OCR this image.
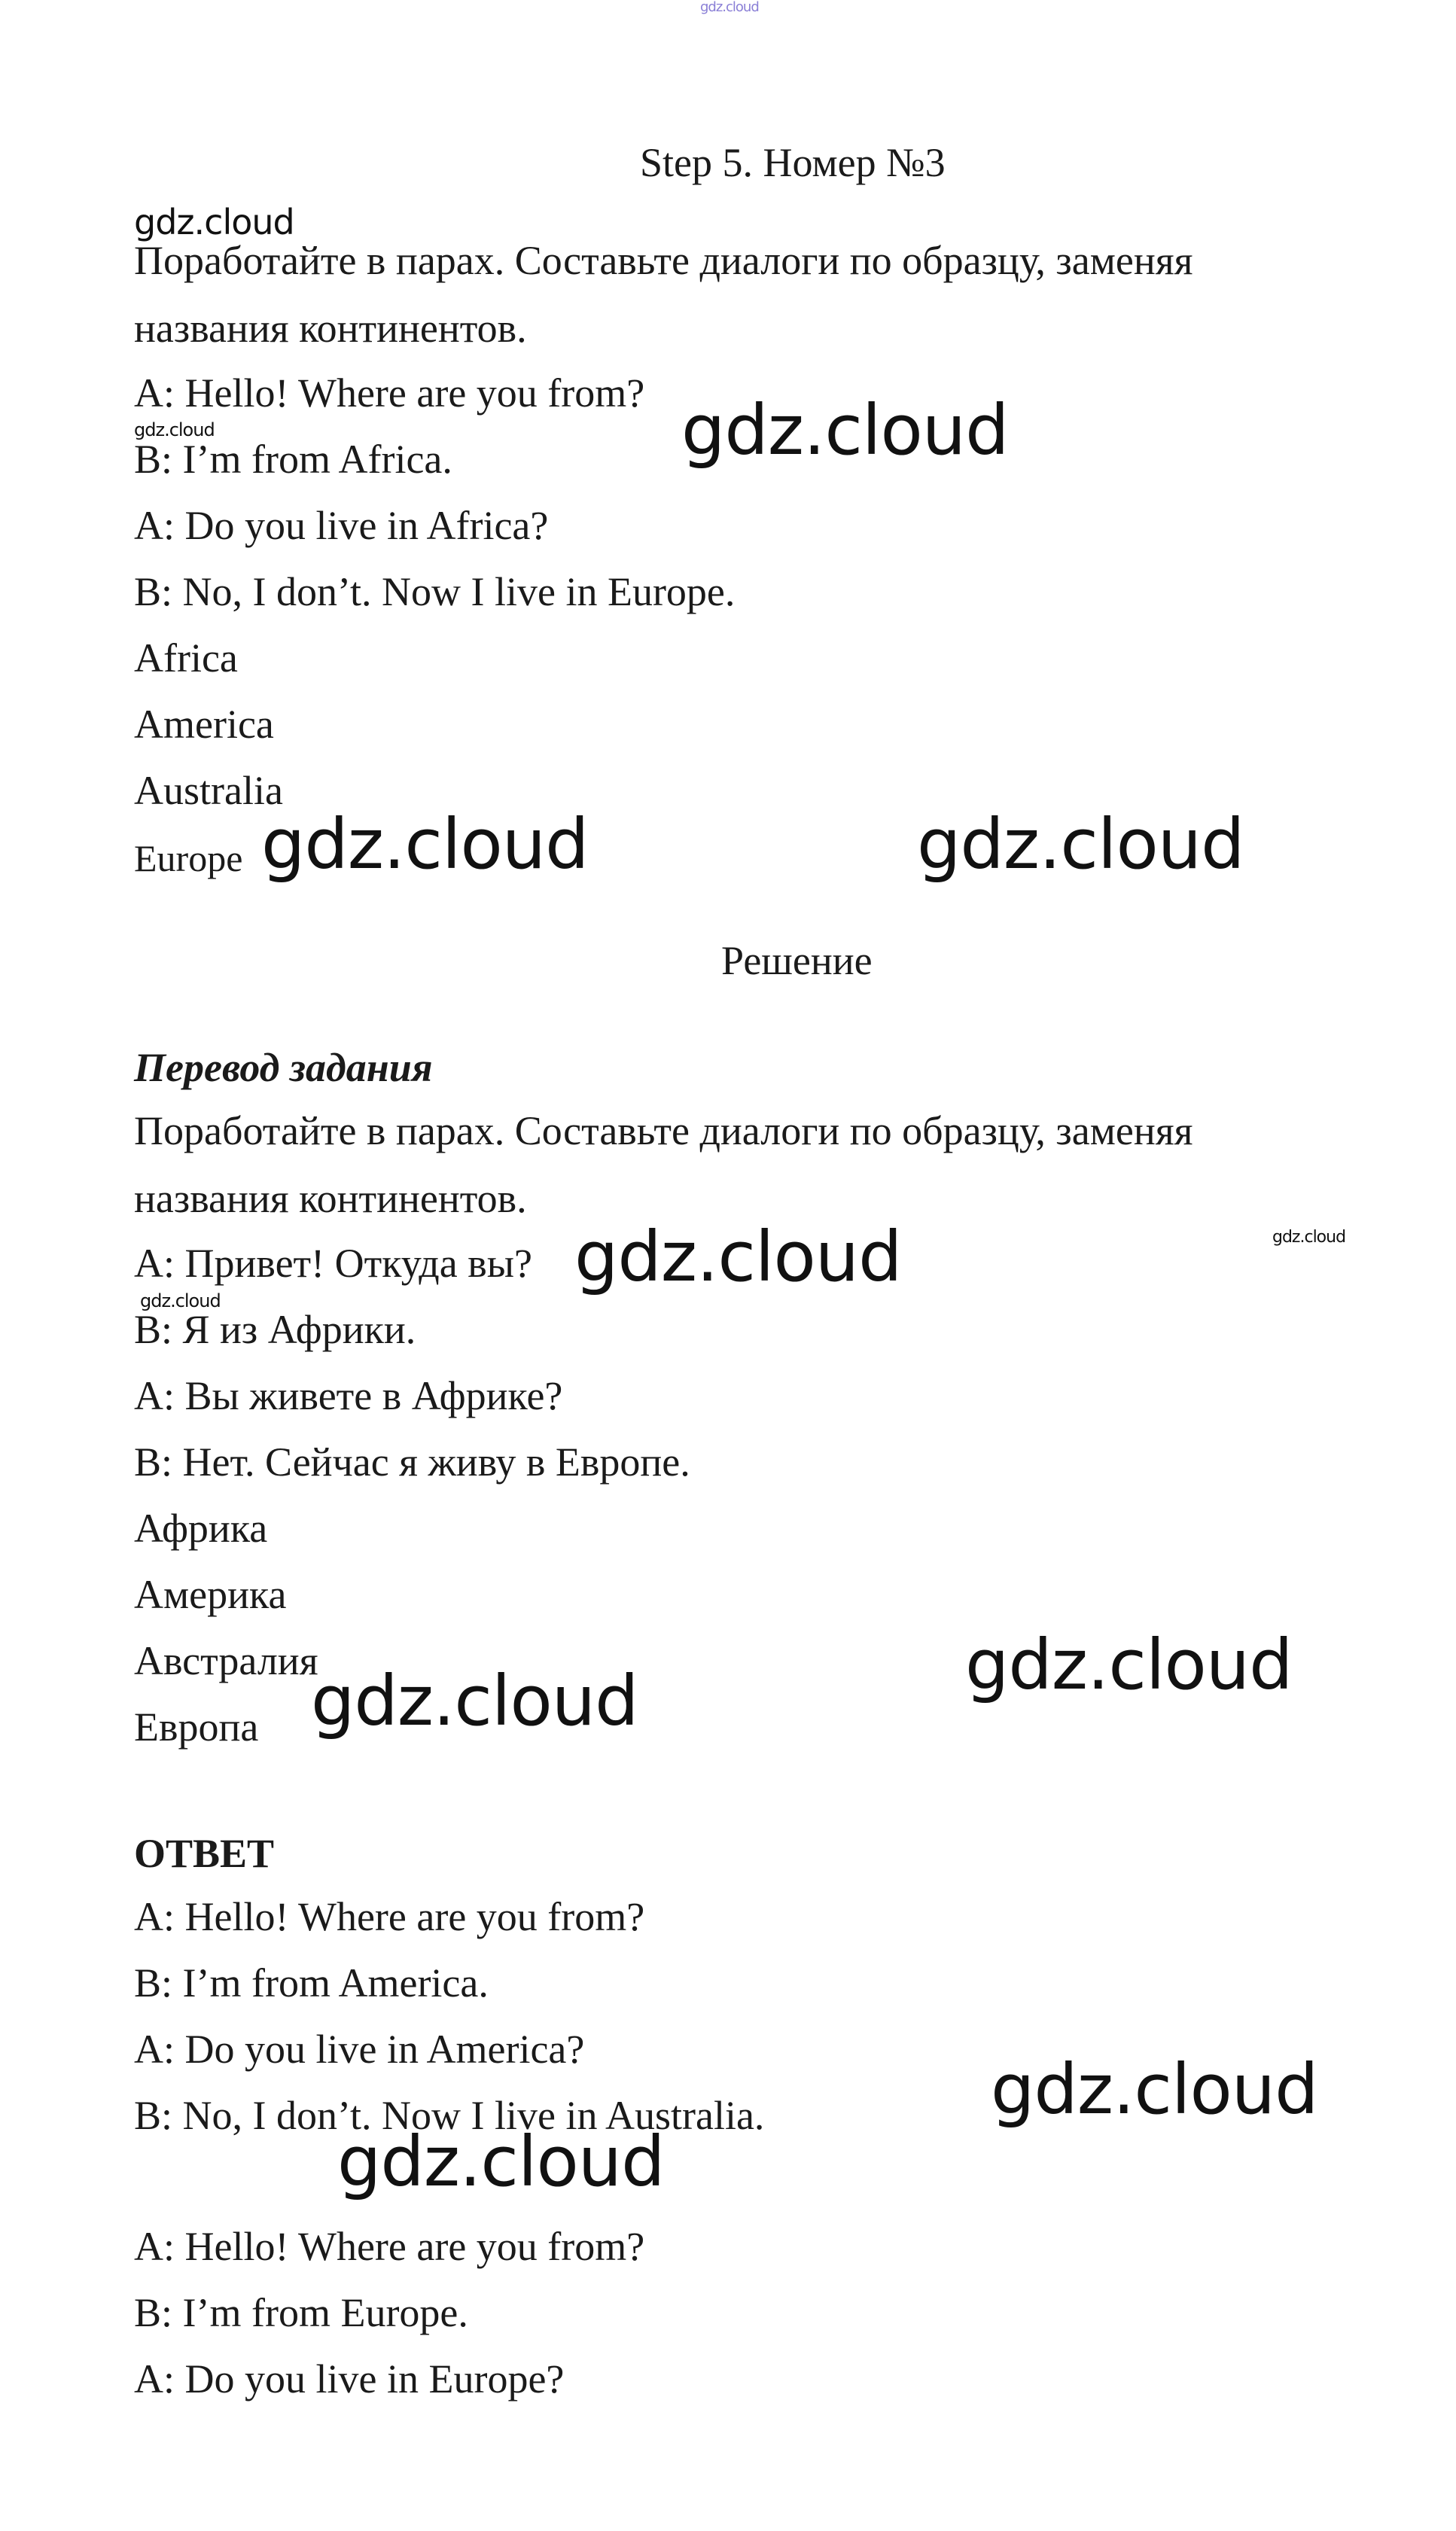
gdz.cloud
Step 5. Номер №3
gdz.cloud
Поработайте в парах. Составьте диалоги по образцу, заменяя
названия континентов.
A: Hello! Where are you from?
gdz.cloud
B: I’m from Africa.	gdz.cloud
A: Do you live in Africa?
B: No, I don’t. Now I live in Europe.
Africa
America
Australia
Europe gdz.cloud	gdz.cloud
Решение
Перевод задания
Поработайте в парах. Составьте диалоги по образцу, заменяя
названия континентов.
A: Привет! Откуда вы? gdz.cloud	gdz.cloud
gdz.cloud
B: Я из Африки.
A: Вы живете в Африке?
B: Нет. Сейчас я живу в Европе.
Африка
Америка
Австралия	gdz.cloud
Европа gdz.cloud
ОТВЕТ
A: Hello! Where are you from?
B: I’m from America.
A: Do you live in America?
B: No, I don’t. Now I live in Australia.	gdz.cloud
gdz.cloud
A: Hello! Where are you from?
B: I’m from Europe.
A: Do you live in Europe?
